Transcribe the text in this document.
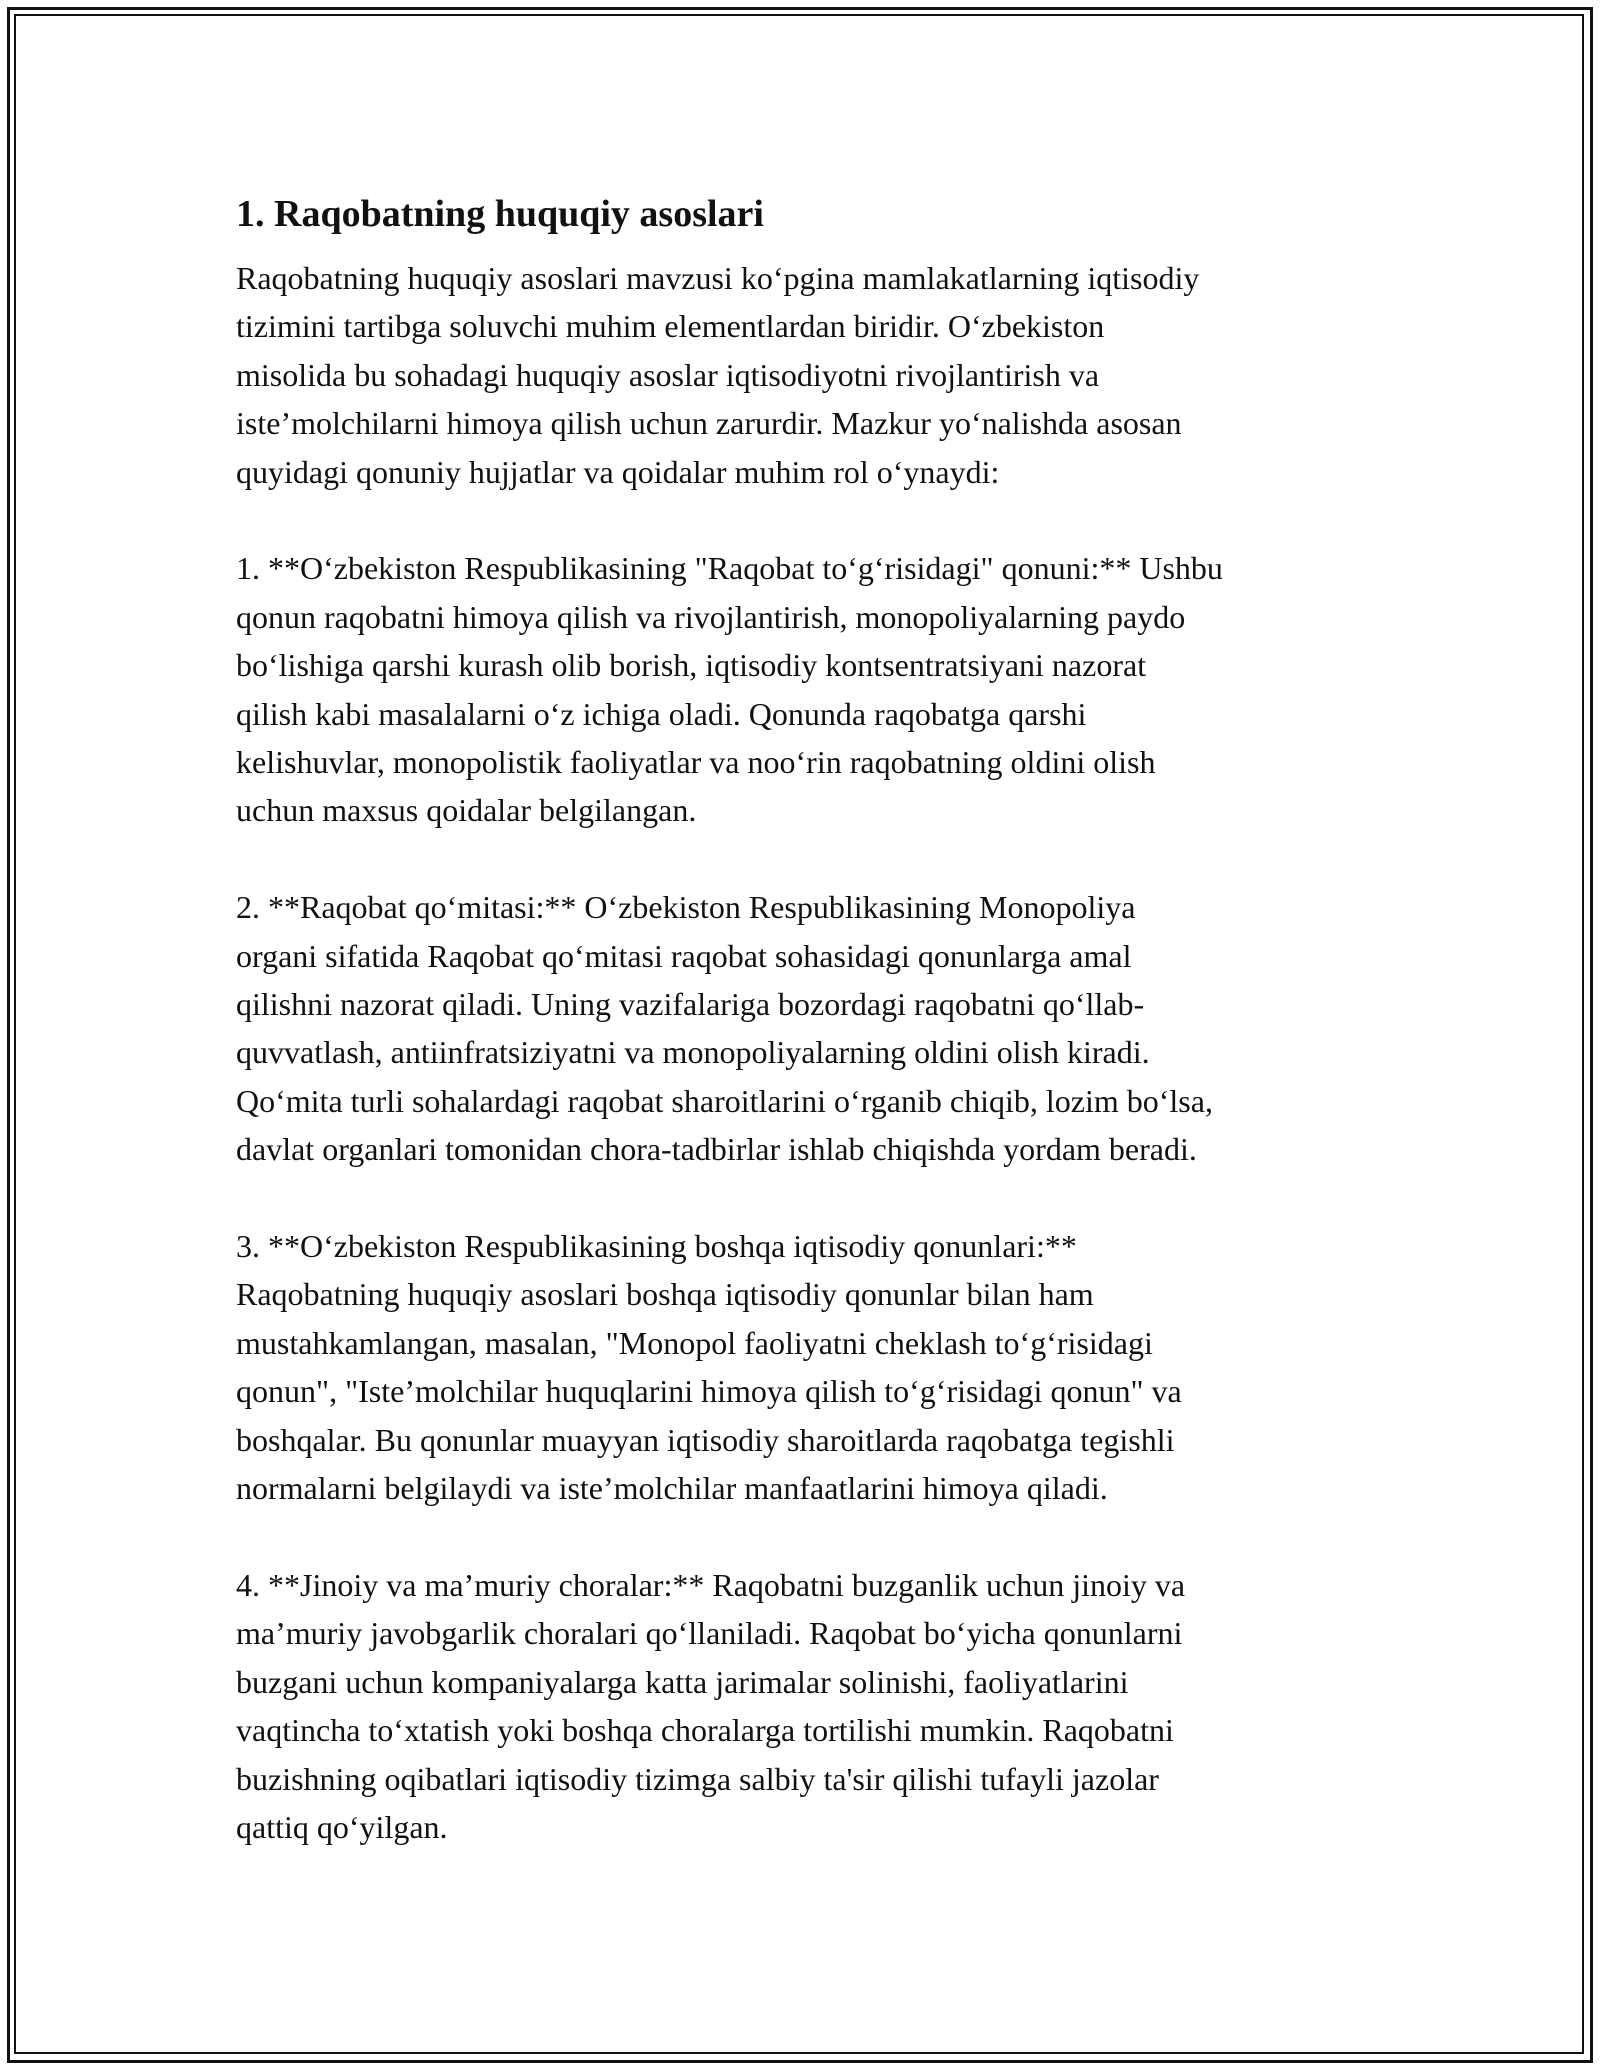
1. Raqobatning huquqiy asoslari

Raqobatning huquqiy asoslari mavzusi ko‘pgina mamlakatlarning iqtisodiy
tizimini tartibga soluvchi muhim elementlardan biridir. O‘zbekiston
misolida bu sohadagi huquqiy asoslar iqtisodiyotni rivojlantirish va
iste’molchilarni himoya qilish uchun zarurdir. Mazkur yo‘nalishda asosan
quyidagi qonuniy hujjatlar va qoidalar muhim rol o‘ynaydi:

1. **O‘zbekiston Respublikasining "Raqobat to‘g‘risidagi" qonuni:** Ushbu
qonun raqobatni himoya qilish va rivojlantirish, monopoliyalarning paydo
bo‘lishiga qarshi kurash olib borish, iqtisodiy kontsentratsiyani nazorat
qilish kabi masalalarni o‘z ichiga oladi. Qonunda raqobatga qarshi
kelishuvlar, monopolistik faoliyatlar va noo‘rin raqobatning oldini olish
uchun maxsus qoidalar belgilangan.

2. **Raqobat qo‘mitasi:** O‘zbekiston Respublikasining Monopoliya
organi sifatida Raqobat qo‘mitasi raqobat sohasidagi qonunlarga amal
qilishni nazorat qiladi. Uning vazifalariga bozordagi raqobatni qo‘llab-
quvvatlash, antiinfratsiziyatni va monopoliyalarning oldini olish kiradi.
Qo‘mita turli sohalardagi raqobat sharoitlarini o‘rganib chiqib, lozim bo‘lsa,
davlat organlari tomonidan chora-tadbirlar ishlab chiqishda yordam beradi.

3. **O‘zbekiston Respublikasining boshqa iqtisodiy qonunlari:**
Raqobatning huquqiy asoslari boshqa iqtisodiy qonunlar bilan ham
mustahkamlangan, masalan, "Monopol faoliyatni cheklash to‘g‘risidagi
qonun", "Iste’molchilar huquqlarini himoya qilish to‘g‘risidagi qonun" va
boshqalar. Bu qonunlar muayyan iqtisodiy sharoitlarda raqobatga tegishli
normalarni belgilaydi va iste’molchilar manfaatlarini himoya qiladi.

4. **Jinoiy va ma’muriy choralar:** Raqobatni buzganlik uchun jinoiy va
ma’muriy javobgarlik choralari qo‘llaniladi. Raqobat bo‘yicha qonunlarni
buzgani uchun kompaniyalarga katta jarimalar solinishi, faoliyatlarini
vaqtincha to‘xtatish yoki boshqa choralarga tortilishi mumkin. Raqobatni
buzishning oqibatlari iqtisodiy tizimga salbiy ta'sir qilishi tufayli jazolar
qattiq qo‘yilgan.
